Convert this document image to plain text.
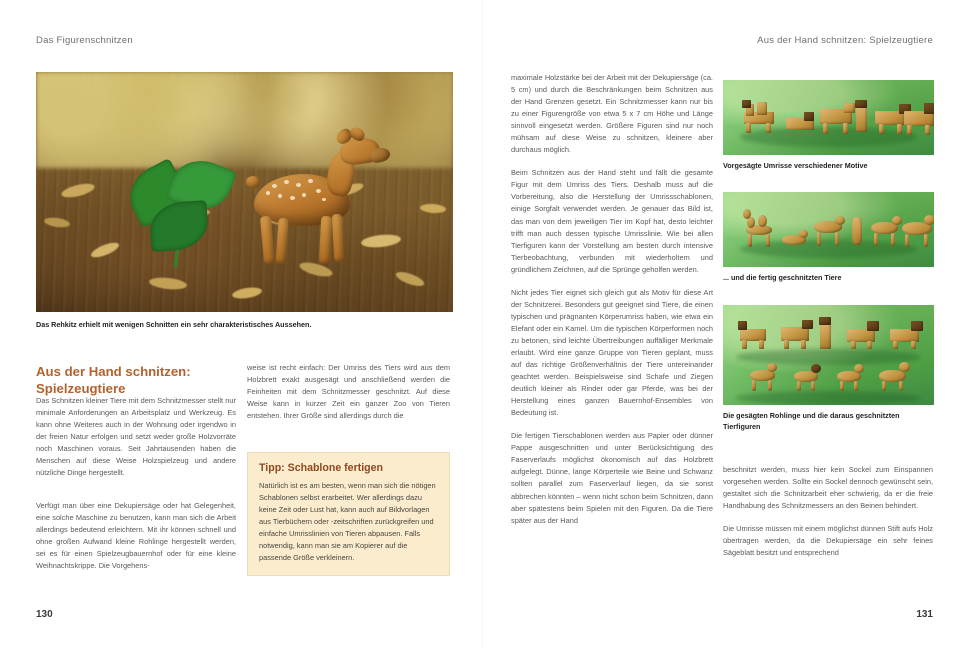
Das Figurenschnitzen	Aus der Hand schnitzen: Spielzeugtiere
Das Rehkitz erhielt mit wenigen Schnitten ein sehr charakteristisches Aussehen.
Aus der Hand schnitzen: Spielzeugtiere

Das Schnitzen kleiner Tiere mit dem Schnitzmesser stellt nur minimale Anforderungen an Arbeitsplatz und Werkzeug. Es kann ohne Weiteres auch in der Wohnung oder irgendwo in der freien Natur erfolgen und setzt weder große Holzvorräte noch Maschinen voraus. Seit Jahrtausenden haben die Menschen auf diese Weise Holzspielzeug und andere nützliche Dinge hergestellt.

Verfügt man über eine Dekupiersäge oder hat Gelegenheit, eine solche Maschine zu benutzen, kann man sich die Arbeit allerdings bedeutend erleichtern. Mit ihr können schnell und ohne großen Aufwand kleine Rohlinge hergestellt werden, sei es für einen Spielzeugbauernhof oder für eine kleine Weihnachtskrippe. Die Vorgehens-

weise ist recht einfach: Der Umriss des Tiers wird aus dem Holzbrett exakt ausgesägt und anschließend werden die Feinheiten mit dem Schnitzmesser geschnitzt. Auf diese Weise kann in kurzer Zeit ein ganzer Zoo von Tieren entstehen. Ihrer Größe sind allerdings durch die

Tipp: Schablone fertigen

Natürlich ist es am besten, wenn man sich die nötigen Schablonen selbst erarbeitet. Wer allerdings dazu keine Zeit oder Lust hat, kann auch auf Bildvorlagen aus Tierbüchern oder -zeitschriften zurückgreifen und einfache Umrisslinien von Tieren abpausen. Falls notwendig, kann man sie am Kopierer auf die passende Größe verkleinern.

130

maximale Holzstärke bei der Arbeit mit der Dekupiersäge (ca. 5 cm) und durch die Beschränkungen beim Schnitzen aus der Hand Grenzen gesetzt. Ein Schnitzmesser kann nur bis zu einer Figurengröße von etwa 5 x 7 cm Höhe und Länge sinnvoll eingesetzt werden. Größere Figuren sind nur noch mühsam auf diese Weise zu schnitzen, kleinere aber durchaus möglich.

Beim Schnitzen aus der Hand steht und fällt die gesamte Figur mit dem Umriss des Tiers. Deshalb muss auf die Vorbereitung, also die Herstellung der Umrissschablonen, einige Sorgfalt verwendet werden. Je genauer das Bild ist, das man von dem jeweiligen Tier im Kopf hat, desto leichter trifft man auch dessen typische Umrisslinie. Wie bei allen Tierfiguren kann der Vorstellung am besten durch intensive Tierbeobachtung, verbunden mit wiederholtem und gründlichem Zeichnen, auf die Sprünge geholfen werden.

Nicht jedes Tier eignet sich gleich gut als Motiv für diese Art der Schnitzerei. Besonders gut geeignet sind Tiere, die einen typischen und prägnanten Körperumriss haben, wie etwa ein Elefant oder ein Kamel. Um die typischen Körperformen noch zu betonen, sind leichte Übertreibungen auffälliger Merkmale erlaubt. Wird eine ganze Gruppe von Tieren geplant, muss auf das richtige Größenverhältnis der Tiere untereinander geachtet werden. Beispielsweise sind Schafe und Ziegen deutlich kleiner als Rinder oder gar Pferde, was bei der Herstellung eines ganzen Bauernhof-Ensembles von Bedeutung ist.

Die fertigen Tierschablonen werden aus Papier oder dünner Pappe ausgeschnitten und unter Berücksichtigung des Faserverlaufs möglichst ökonomisch auf das Holzbrett aufgelegt. Dünne, lange Körperteile wie Beine und Schwanz sollten parallel zum Faserverlauf liegen, da sie sonst abbrechen könnten – wenn nicht schon beim Schnitzen, dann aber spätestens beim Spielen mit den Figuren. Da die Tiere später aus der Hand

Vorgesägte Umrisse verschiedener Motive
... und die fertig geschnitzten Tiere
Die gesägten Rohlinge und die daraus geschnitzten Tierfiguren

beschnitzt werden, muss hier kein Sockel zum Einspannen vorgesehen werden. Sollte ein Sockel dennoch gewünscht sein, gestaltet sich die Schnitzarbeit eher schwierig, da er die freie Handhabung des Schnitzmessers an den Beinen behindert.

Die Umrisse müssen mit einem möglichst dünnen Stift aufs Holz übertragen werden, da die Dekupiersäge ein sehr feines Sägeblatt besitzt und entsprechend

131
